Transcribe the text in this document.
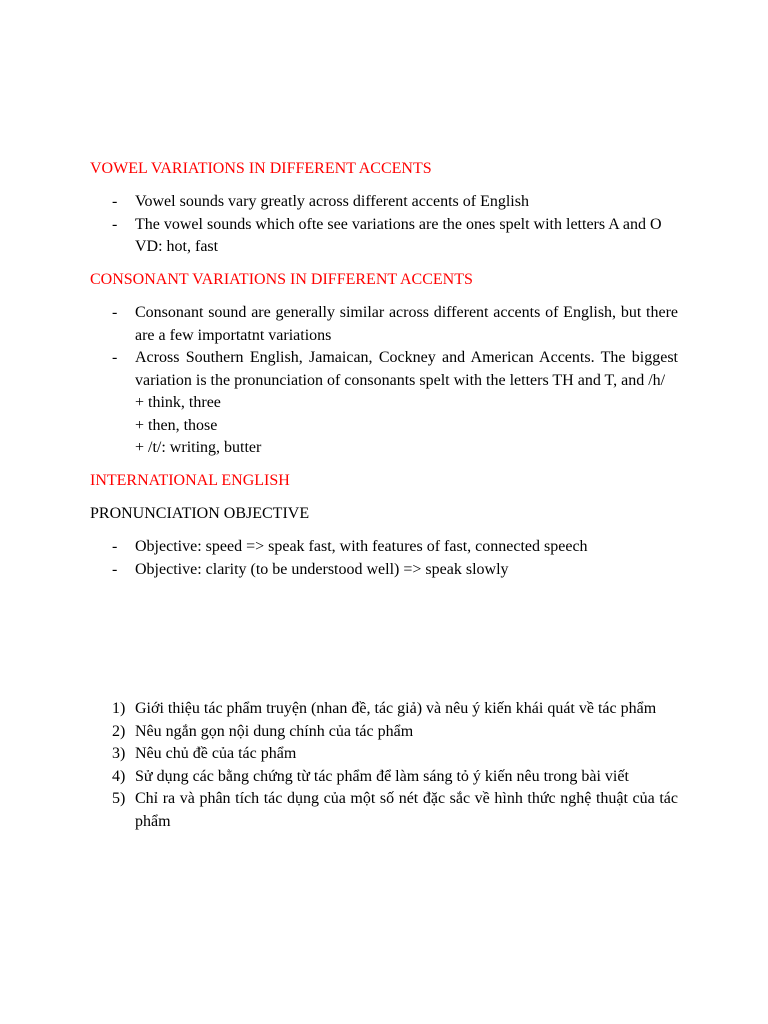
VOWEL VARIATIONS IN DIFFERENT ACCENTS

- Vowel sounds vary greatly across different accents of English
- The vowel sounds which ofte see variations are the ones spelt with letters A and O
VD: hot, fast

CONSONANT VARIATIONS IN DIFFERENT ACCENTS

- Consonant sound are generally similar across different accents of English, but there are a few importatnt variations
- Across Southern English, Jamaican, Cockney and American Accents. The biggest variation is the pronunciation of consonants spelt with the letters TH and T, and /h/
+ think, three
+ then, those
+ /t/: writing, butter

INTERNATIONAL ENGLISH

PRONUNCIATION OBJECTIVE

- Objective: speed => speak fast, with features of fast, connected speech
- Objective: clarity (to be understood well) => speak slowly
1) Giới thiệu tác phẩm truyện (nhan đề, tác giả) và nêu ý kiến khái quát về tác phẩm
2) Nêu ngắn gọn nội dung chính của tác phẩm
3) Nêu chủ đề của tác phẩm
4) Sử dụng các bằng chứng từ tác phẩm để làm sáng tỏ ý kiến nêu trong bài viết
5) Chỉ ra và phân tích tác dụng của một số nét đặc sắc về hình thức nghệ thuật của tác phẩm
